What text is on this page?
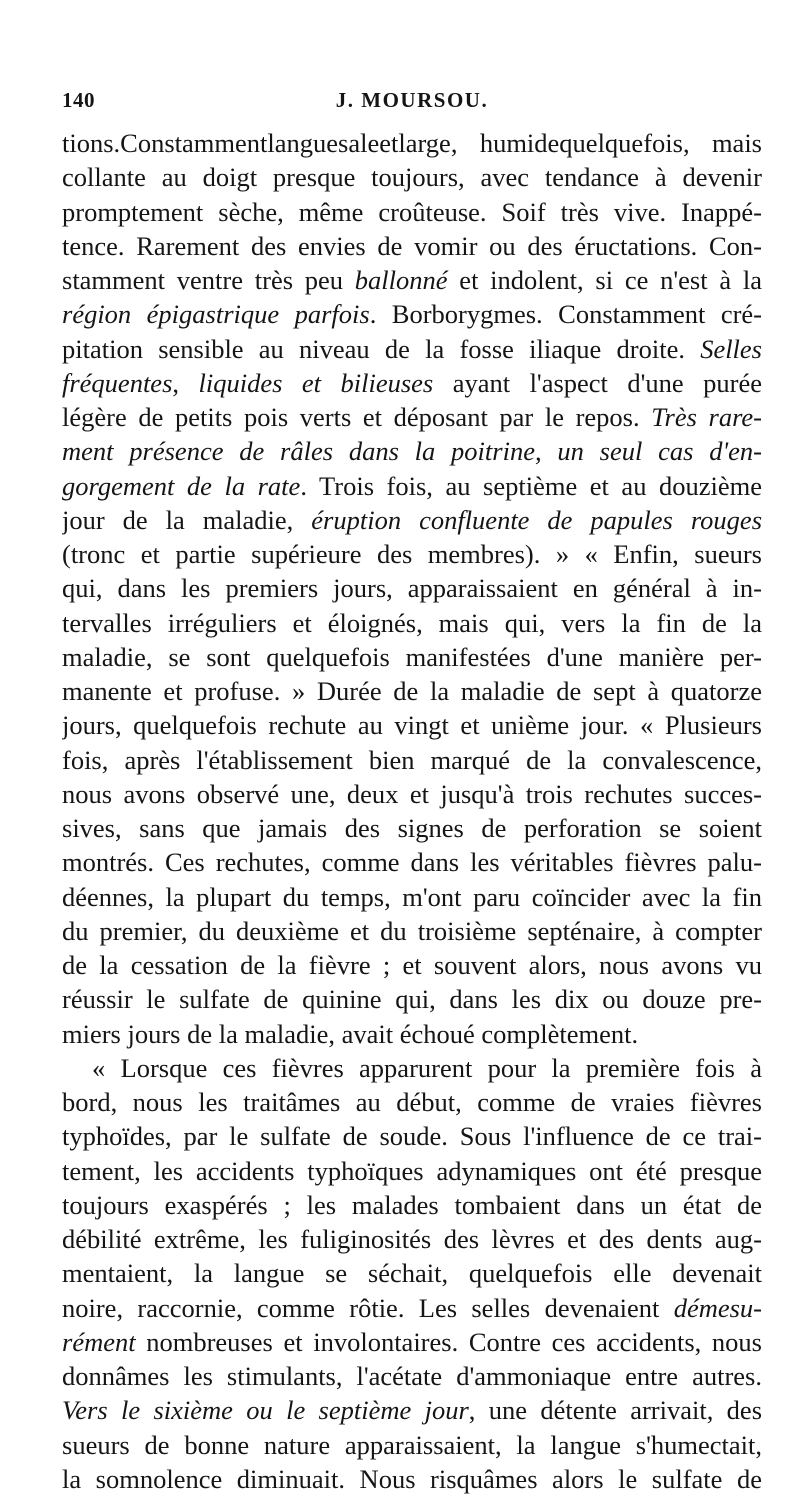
140	J. MOURSOU.
tions.Constammentlanguesaleetlarge, humidequelquefois, mais
collante au doigt presque toujours, avec tendance à devenir
promptement sèche, même croûteuse. Soif très vive. Inappé-
tence. Rarement des envies de vomir ou des éructations. Con-
stamment ventre très peu ballonné et indolent, si ce n'est à la
région épigastrique parfois. Borborygmes. Constamment cré-
pitation sensible au niveau de la fosse iliaque droite. Selles
fréquentes, liquides et bilieuses ayant l'aspect d'une purée
légère de petits pois verts et déposant par le repos. Très rare-
ment présence de râles dans la poitrine, un seul cas d'en-
gorgement de la rate. Trois fois, au septième et au douzième
jour de la maladie, éruption confluente de papules rouges
(tronc et partie supérieure des membres). » « Enfin, sueurs
qui, dans les premiers jours, apparaissaient en général à in-
tervalles irréguliers et éloignés, mais qui, vers la fin de la
maladie, se sont quelquefois manifestées d'une manière per-
manente et profuse. » Durée de la maladie de sept à quatorze
jours, quelquefois rechute au vingt et unième jour. « Plusieurs
fois, après l'établissement bien marqué de la convalescence,
nous avons observé une, deux et jusqu'à trois rechutes succes-
sives, sans que jamais des signes de perforation se soient
montrés. Ces rechutes, comme dans les véritables fièvres palu-
déennes, la plupart du temps, m'ont paru coïncider avec la fin
du premier, du deuxième et du troisième septénaire, à compter
de la cessation de la fièvre ; et souvent alors, nous avons vu
réussir le sulfate de quinine qui, dans les dix ou douze pre-
miers jours de la maladie, avait échoué complètement.
« Lorsque ces fièvres apparurent pour la première fois à
bord, nous les traitâmes au début, comme de vraies fièvres
typhoïdes, par le sulfate de soude. Sous l'influence de ce trai-
tement, les accidents typhoïques adynamiques ont été presque
toujours exaspérés ; les malades tombaient dans un état de
débilité extrême, les fuliginosités des lèvres et des dents aug-
mentaient, la langue se séchait, quelquefois elle devenait
noire, raccornie, comme rôtie. Les selles devenaient démesu-
rément nombreuses et involontaires. Contre ces accidents, nous
donnâmes les stimulants, l'acétate d'ammoniaque entre autres.
Vers le sixième ou le septième jour, une détente arrivait, des
sueurs de bonne nature apparaissaient, la langue s'humectait,
la somnolence diminuait. Nous risquâmes alors le sulfate de
